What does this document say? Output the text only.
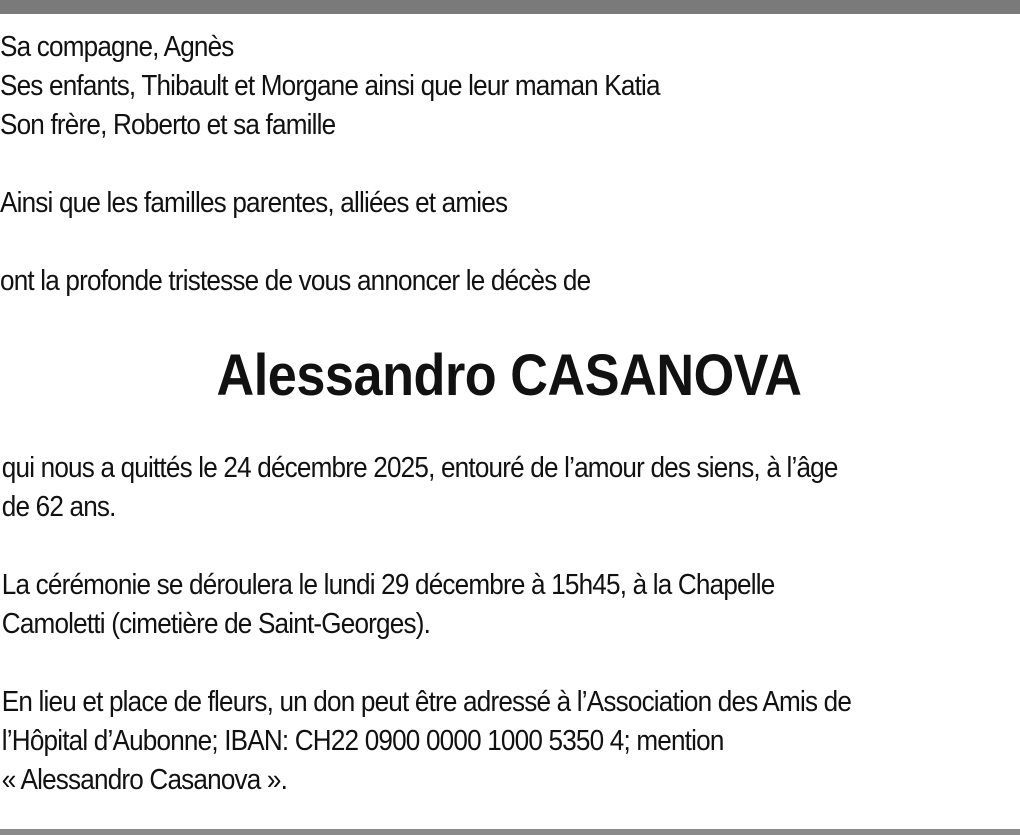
Sa compagne, Agnès
Ses enfants, Thibault et Morgane ainsi que leur maman Katia
Son frère, Roberto et sa famille
Ainsi que les familles parentes, alliées et amies
ont la profonde tristesse de vous annoncer le décès de
Alessandro CASANOVA
qui nous a quittés le 24 décembre 2025, entouré de l’amour des siens, à l’âge
de 62 ans.
La cérémonie se déroulera le lundi 29 décembre à 15h45, à la Chapelle
Camoletti (cimetière de Saint-Georges).
En lieu et place de fleurs, un don peut être adressé à l’Association des Amis de
l’Hôpital d’Aubonne; IBAN: CH22 0900 0000 1000 5350 4; mention
« Alessandro Casanova ».
